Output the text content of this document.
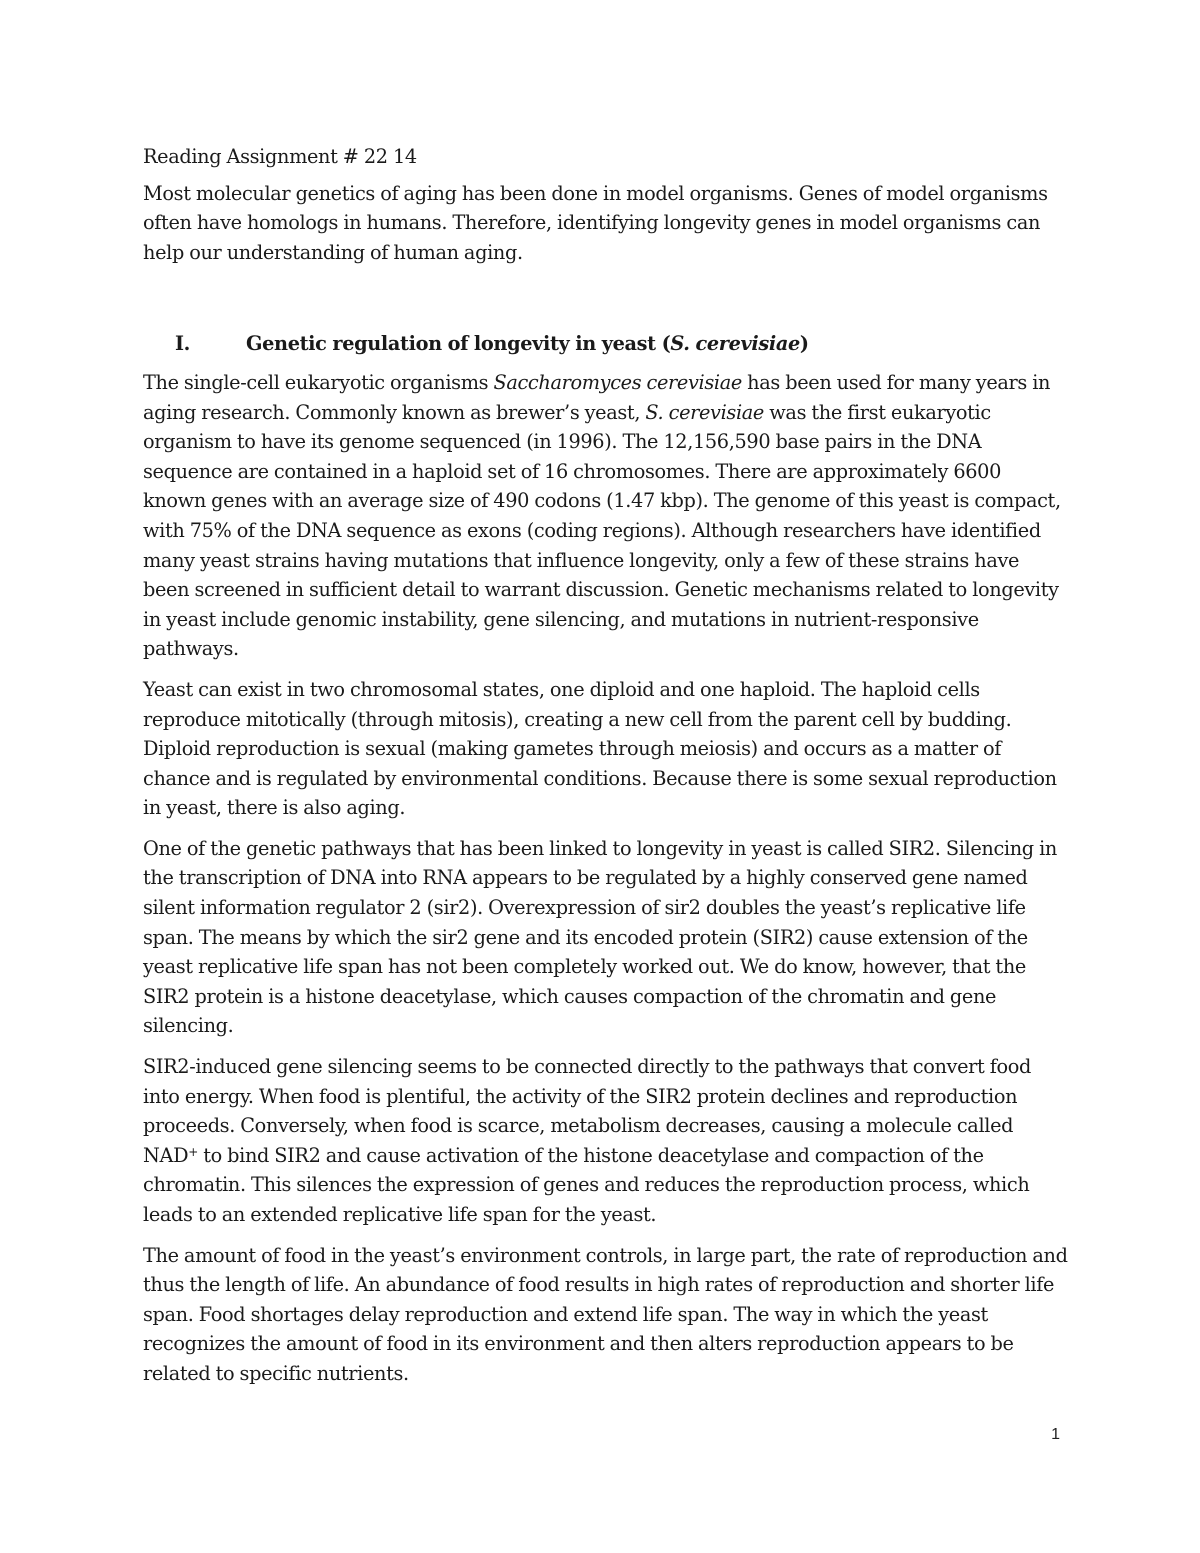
Reading Assignment # 22 14

Most molecular genetics of aging has been done in model organisms. Genes of model organisms often have homologs in humans. Therefore, identifying longevity genes in model organisms can help our understanding of human aging.

I.	Genetic regulation of longevity in yeast (S. cerevisiae)

The single-cell eukaryotic organisms Saccharomyces cerevisiae has been used for many years in aging research. Commonly known as brewer’s yeast, S. cerevisiae was the first eukaryotic organism to have its genome sequenced (in 1996). The 12,156,590 base pairs in the DNA sequence are contained in a haploid set of 16 chromosomes. There are approximately 6600 known genes with an average size of 490 codons (1.47 kbp). The genome of this yeast is compact, with 75% of the DNA sequence as exons (coding regions). Although researchers have identified many yeast strains having mutations that influence longevity, only a few of these strains have been screened in sufficient detail to warrant discussion. Genetic mechanisms related to longevity in yeast include genomic instability, gene silencing, and mutations in nutrient-responsive pathways.

Yeast can exist in two chromosomal states, one diploid and one haploid. The haploid cells reproduce mitotically (through mitosis), creating a new cell from the parent cell by budding. Diploid reproduction is sexual (making gametes through meiosis) and occurs as a matter of chance and is regulated by environmental conditions. Because there is some sexual reproduction in yeast, there is also aging.

One of the genetic pathways that has been linked to longevity in yeast is called SIR2. Silencing in the transcription of DNA into RNA appears to be regulated by a highly conserved gene named silent information regulator 2 (sir2). Overexpression of sir2 doubles the yeast’s replicative life span. The means by which the sir2 gene and its encoded protein (SIR2) cause extension of the yeast replicative life span has not been completely worked out. We do know, however, that the SIR2 protein is a histone deacetylase, which causes compaction of the chromatin and gene silencing.

SIR2-induced gene silencing seems to be connected directly to the pathways that convert food into energy. When food is plentiful, the activity of the SIR2 protein declines and reproduction proceeds. Conversely, when food is scarce, metabolism decreases, causing a molecule called NAD+ to bind SIR2 and cause activation of the histone deacetylase and compaction of the chromatin. This silences the expression of genes and reduces the reproduction process, which leads to an extended replicative life span for the yeast.

The amount of food in the yeast’s environment controls, in large part, the rate of reproduction and thus the length of life. An abundance of food results in high rates of reproduction and shorter life span. Food shortages delay reproduction and extend life span. The way in which the yeast recognizes the amount of food in its environment and then alters reproduction appears to be related to specific nutrients.

1
